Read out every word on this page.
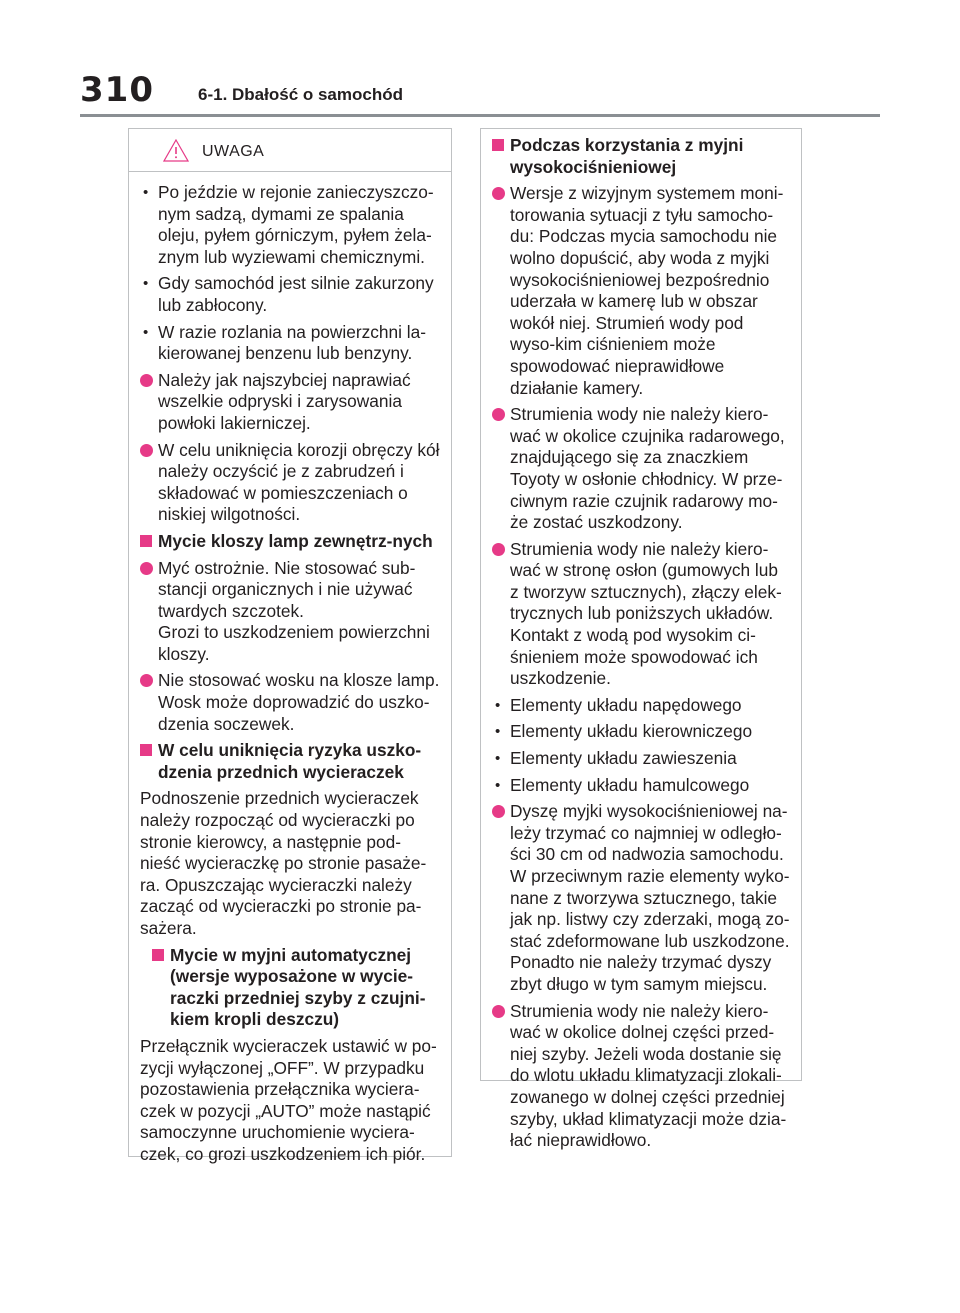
310	6-1. Dbałość o samochód
UWAGA
•
Po jeździe w rejonie zanieczyszczo-nym sadzą, dymami ze spalania oleju, pyłem górniczym, pyłem żela-znym lub wyziewami chemicznymi.
•
Gdy samochód jest silnie zakurzony lub zabłocony.
•
W razie rozlania na powierzchni la-kierowanej benzenu lub benzyny.
Należy jak najszybciej naprawiać wszelkie odpryski i zarysowania powłoki lakierniczej.
W celu uniknięcia korozji obręczy kół należy oczyścić je z zabrudzeń i składować w pomieszczeniach o niskiej wilgotności.
Mycie kloszy lamp zewnętrz-nych
Myć ostrożnie. Nie stosować sub-stancji organicznych i nie używać twardych szczotek.
Grozi to uszkodzeniem powierzchni kloszy.
Nie stosować wosku na klosze lamp.
Wosk może doprowadzić do uszko-dzenia soczewek.
W celu uniknięcia ryzyka uszko-dzenia przednich wycieraczek

Podnoszenie przednich wycieraczek należy rozpocząć od wycieraczki po stronie kierowcy, a następnie pod-nieść wycieraczkę po stronie pasaże-ra. Opuszczając wycieraczki należy zacząć od wycieraczki po stronie pa-sażera.

Mycie w myjni automatycznej (wersje wyposażone w wycie-raczki przedniej szyby z czujni-kiem kropli deszczu)

Przełącznik wycieraczek ustawić w po-zycji wyłączonej „OFF”. W przypadku pozostawienia przełącznika wyciera-czek w pozycji „AUTO” może nastąpić samoczynne uruchomienie wyciera-czek, co grozi uszkodzeniem ich piór.

Podczas korzystania z myjni wysokociśnieniowej
Wersje z wizyjnym systemem moni-torowania sytuacji z tyłu samocho-du: Podczas mycia samochodu nie wolno dopuścić, aby woda z myjki wysokociśnieniowej bezpośrednio uderzała w kamerę lub w obszar wokół niej. Strumień wody pod wyso-kim ciśnieniem może spowodować nieprawidłowe działanie kamery.
Strumienia wody nie należy kiero-wać w okolice czujnika radarowego, znajdującego się za znaczkiem Toyoty w osłonie chłodnicy. W prze-ciwnym razie czujnik radarowy mo-że zostać uszkodzony.
Strumienia wody nie należy kiero-wać w stronę osłon (gumowych lub z tworzyw sztucznych), złączy elek-trycznych lub poniższych układów. Kontakt z wodą pod wysokim ci-śnieniem może spowodować ich uszkodzenie.
•
Elementy układu napędowego
•
Elementy układu kierowniczego
•
Elementy układu zawieszenia
•
Elementy układu hamulcowego
Dyszę myjki wysokociśnieniowej na-leży trzymać co najmniej w odległo-ści 30 cm od nadwozia samochodu. W przeciwnym razie elementy wyko-nane z tworzywa sztucznego, takie jak np. listwy czy zderzaki, mogą zo-stać zdeformowane lub uszkodzone. Ponadto nie należy trzymać dyszy zbyt długo w tym samym miejscu.
Strumienia wody nie należy kiero-wać w okolice dolnej części przed-niej szyby. Jeżeli woda dostanie się do wlotu układu klimatyzacji zlokali-zowanego w dolnej części przedniej szyby, układ klimatyzacji może dzia-łać nieprawidłowo.
